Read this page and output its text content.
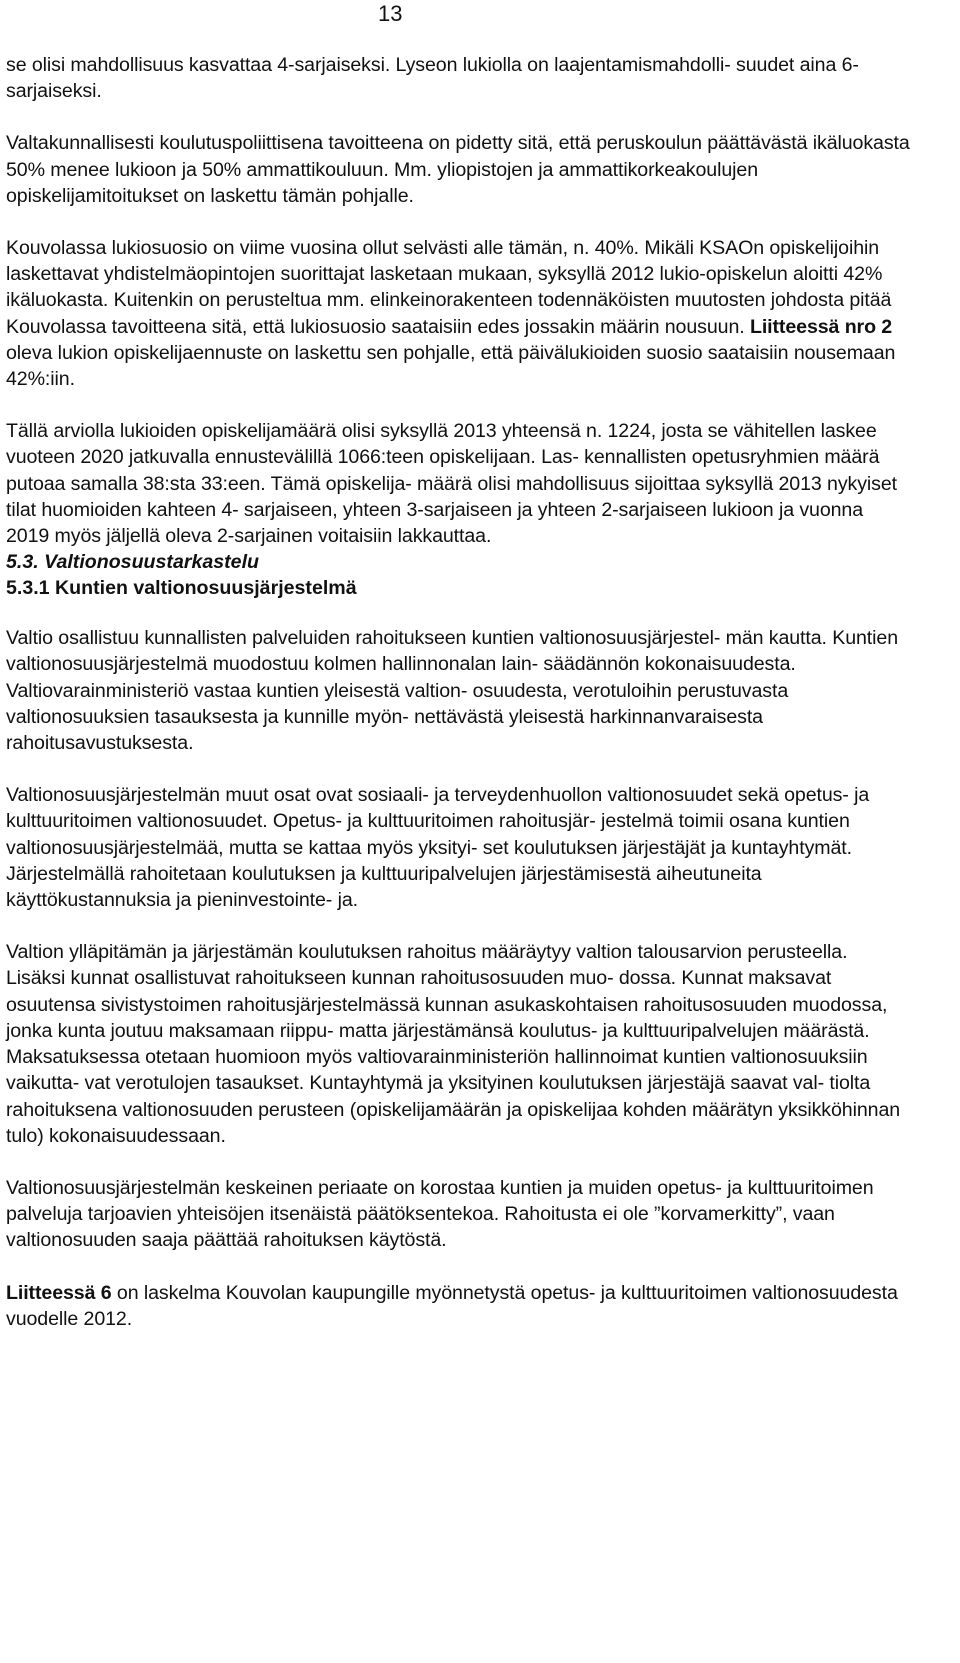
13

se olisi mahdollisuus kasvattaa 4-sarjaiseksi. Lyseon lukiolla on laajentamismahdolli- suudet aina 6-sarjaiseksi.

Valtakunnallisesti koulutuspoliittisena tavoitteena on pidetty sitä, että peruskoulun päättävästä ikäluokasta 50% menee lukioon ja 50% ammattikouluun. Mm. yliopistojen ja ammattikorkeakoulujen opiskelijamitoitukset on laskettu tämän pohjalle.

Kouvolassa lukiosuosio on viime vuosina ollut selvästi alle tämän, n. 40%. Mikäli KSAOn opiskelijoihin laskettavat yhdistelmäopintojen suorittajat lasketaan mukaan, syksyllä 2012 lukio-opiskelun aloitti 42% ikäluokasta. Kuitenkin on perusteltua mm. elinkeinorakenteen todennäköisten muutosten johdosta pitää Kouvolassa tavoitteena sitä, että lukiosuosio saataisiin edes jossakin määrin nousuun. Liitteessä nro 2 oleva lukion opiskelijaennuste on laskettu sen pohjalle, että päivälukioiden suosio saataisiin nousemaan 42%:iin.

Tällä arviolla lukioiden opiskelijamäärä olisi syksyllä 2013 yhteensä n. 1224, josta se vähitellen laskee vuoteen 2020 jatkuvalla ennustevälillä 1066:teen opiskelijaan. Las- kennallisten opetusryhmien määrä putoaa samalla 38:sta 33:een. Tämä opiskelija- määrä olisi mahdollisuus sijoittaa syksyllä 2013 nykyiset tilat huomioiden kahteen 4- sarjaiseen, yhteen 3-sarjaiseen ja yhteen 2-sarjaiseen lukioon ja vuonna 2019 myös jäljellä oleva 2-sarjainen voitaisiin lakkauttaa.

5.3. Valtionosuustarkastelu
5.3.1 Kuntien valtionosuusjärjestelmä

Valtio osallistuu kunnallisten palveluiden rahoitukseen kuntien valtionosuusjärjestel- män kautta. Kuntien valtionosuusjärjestelmä muodostuu kolmen hallinnonalan lain- säädännön kokonaisuudesta. Valtiovarainministeriö vastaa kuntien yleisestä valtion- osuudesta, verotuloihin perustuvasta valtionosuuksien tasauksesta ja kunnille myön- nettävästä yleisestä harkinnanvaraisesta rahoitusavustuksesta.

Valtionosuusjärjestelmän muut osat ovat sosiaali- ja terveydenhuollon valtionosuudet sekä opetus- ja kulttuuritoimen valtionosuudet. Opetus- ja kulttuuritoimen rahoitusjär- jestelmä toimii osana kuntien valtionosuusjärjestelmää, mutta se kattaa myös yksityi- set koulutuksen järjestäjät ja kuntayhtymät. Järjestelmällä rahoitetaan koulutuksen ja kulttuuripalvelujen järjestämisestä aiheutuneita käyttökustannuksia ja pieninvestointe- ja.

Valtion ylläpitämän ja järjestämän koulutuksen rahoitus määräytyy valtion talousarvion perusteella. Lisäksi kunnat osallistuvat rahoitukseen kunnan rahoitusosuuden muo- dossa. Kunnat maksavat osuutensa sivistystoimen rahoitusjärjestelmässä kunnan asukaskohtaisen rahoitusosuuden muodossa, jonka kunta joutuu maksamaan riippu- matta järjestämänsä koulutus- ja kulttuuripalvelujen määrästä. Maksatuksessa otetaan huomioon myös valtiovarainministeriön hallinnoimat kuntien valtionosuuksiin vaikutta- vat verotulojen tasaukset. Kuntayhtymä ja yksityinen koulutuksen järjestäjä saavat val- tiolta rahoituksena valtionosuuden perusteen (opiskelijamäärän ja opiskelijaa kohden määrätyn yksikköhinnan tulo) kokonaisuudessaan.

Valtionosuusjärjestelmän keskeinen periaate on korostaa kuntien ja muiden opetus- ja kulttuuritoimen palveluja tarjoavien yhteisöjen itsenäistä päätöksentekoa. Rahoitusta ei ole ”korvamerkitty”, vaan valtionosuuden saaja päättää rahoituksen käytöstä.

Liitteessä 6 on laskelma Kouvolan kaupungille myönnetystä opetus- ja kulttuuritoimen valtionosuudesta vuodelle 2012.
